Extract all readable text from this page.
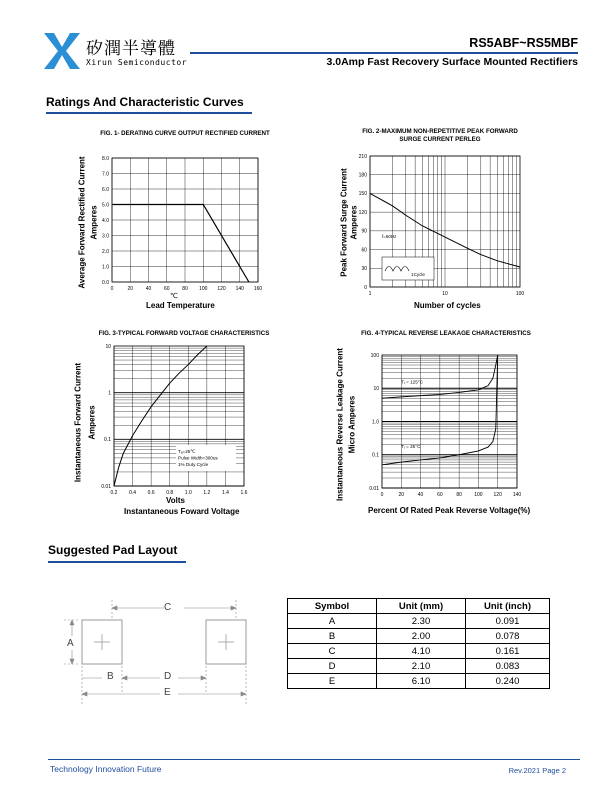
矽潤半導體
Xirun Semiconductor
RS5ABF~RS5MBF
3.0Amp Fast Recovery Surface Mounted Rectifiers
Ratings And Characteristic Curves
FIG. 1- DERATING CURVE OUTPUT RECTIFIED CURRENT
0	20	40	60	80 100 120 140 160
0.0
1.0
2.0
3.0
4.0
5.0
6.0
7.0
8.0
℃
Lead Temperature
Average Forward Rectified Current Amperes
FIG. 2-MAXIMUM NON-REPETITIVE PEAK FORWARD
SURGE CURRENT PERLEG
1	10	100
0
30
60
90
120
150
180
210
f=60Hz
1Cycle
Number of cycles
Peak Forward Surge Current Amperes
FIG. 3-TYPICAL FORWARD VOLTAGE CHARACTERISTICS
0.2 0.4 0.6 0.8 1.0 1.2 1.4 1.6
0.01
0.1
1
10
Tₐ=25℃
Pulse Width=300us
1% Duty Cycle
Volts
Instantaneous Foward Voltage
Instantaneous Forward Current Amperes
FIG. 4-TYPICAL REVERSE LEAKAGE CHARACTERISTICS
0	20	40	60	80 100 120 140
0.01
0.1
1.0
10
100
Tⱼ = 125°C
Tⱼ = 25°C
Percent Of Rated Peak Reverse Voltage(%)
Instantaneous Reverse Leakage Current Micro Amperes
Suggested Pad Layout
C
A
B	D
E
Symbol	Unit (mm)	Unit (inch)
A	2.30	0.091
B	2.00	0.078
C	4.10	0.161
D	2.10	0.083
E	6.10	0.240
Technology Innovation Future	Rev.2021 Page 2
